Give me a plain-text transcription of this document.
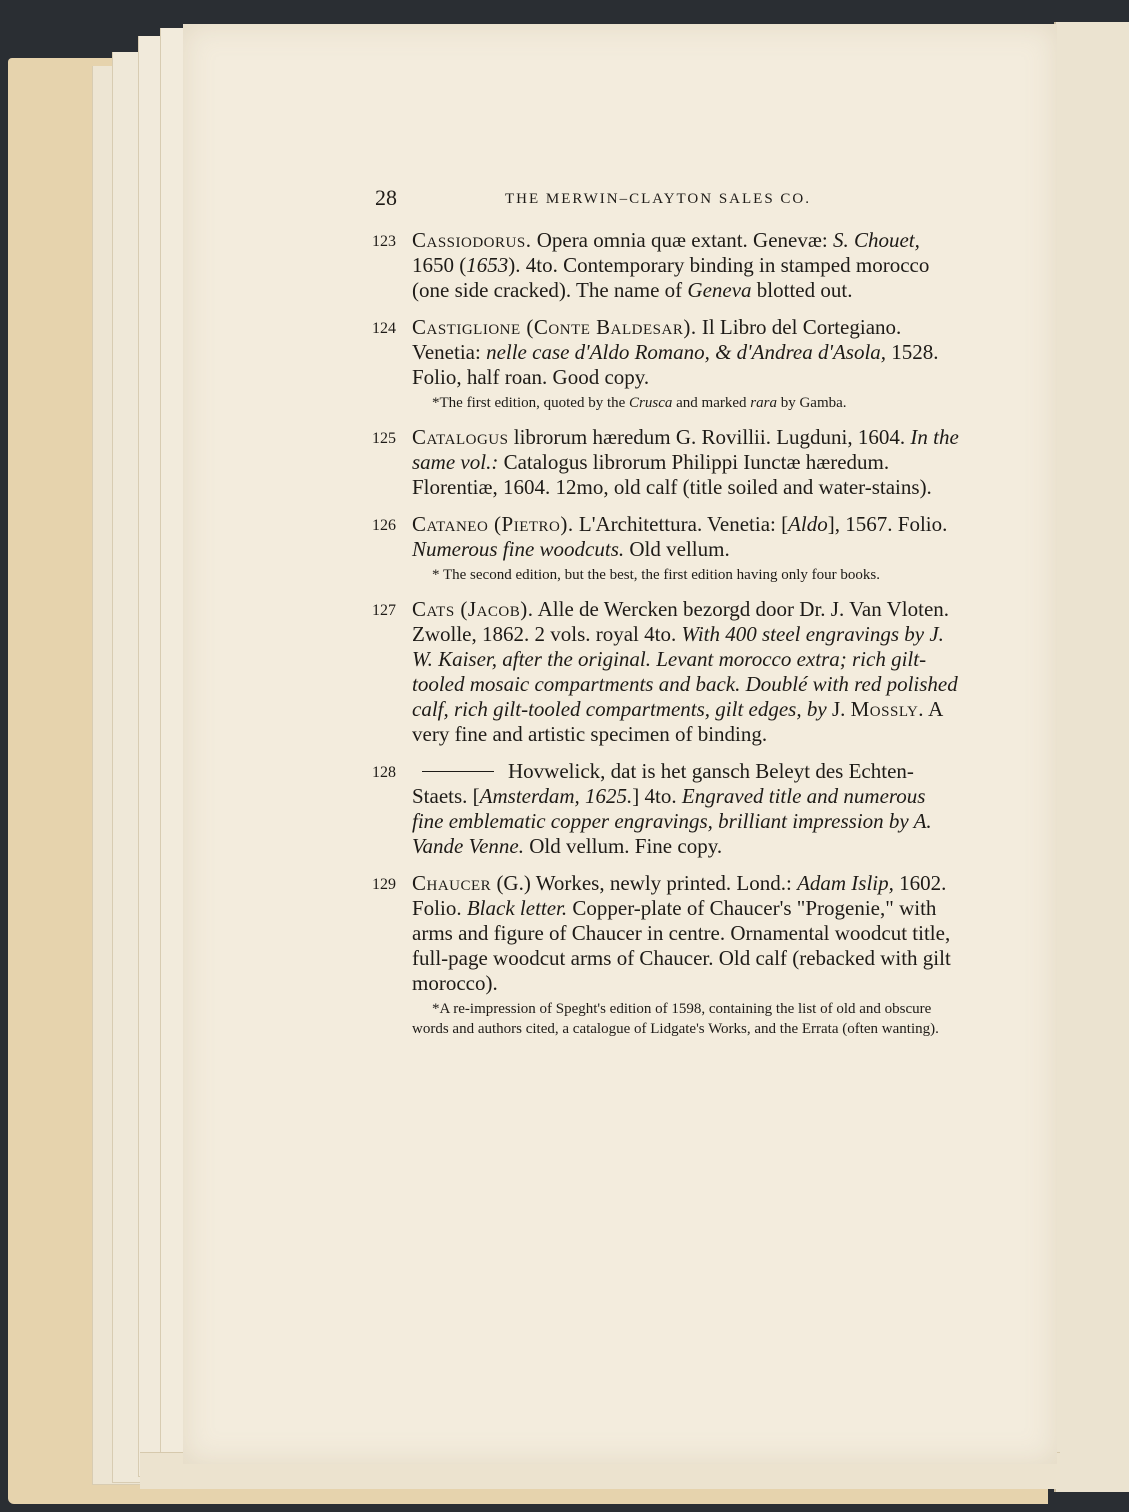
28	THE MERWIN–CLAYTON SALES CO.
123 Cassiodorus. Opera omnia quæ extant. Genevæ: S. Chouet, 1650 (1653). 4to. Contemporary binding in stamped morocco (one side cracked). The name of Geneva blotted out.
124 Castiglione (Conte Baldesar). Il Libro del Cortegiano. Venetia: nelle case d'Aldo Romano, & d'Andrea d'Asola, 1528. Folio, half roan. Good copy.
*The first edition, quoted by the Crusca and marked rara by Gamba.
125 Catalogus librorum hæredum G. Rovillii. Lugduni, 1604. In the same vol.: Catalogus librorum Philippi Iunctæ hæredum. Florentiæ, 1604. 12mo, old calf (title soiled and water-stains).
126 Cataneo (Pietro). L'Architettura. Venetia: [Aldo], 1567. Folio. Numerous fine woodcuts. Old vellum.
* The second edition, but the best, the first edition having only four books.
127 Cats (Jacob). Alle de Wercken bezorgd door Dr. J. Van Vloten. Zwolle, 1862. 2 vols. royal 4to. With 400 steel engravings by J. W. Kaiser, after the original. Levant morocco extra; rich gilt-tooled mosaic compartments and back. Doublé with red polished calf, rich gilt-tooled compartments, gilt edges, by J. Mossly. A very fine and artistic specimen of binding.
128	Hovwelick, dat is het gansch Beleyt des Echten-Staets. [Amsterdam, 1625.] 4to. Engraved title and numerous fine emblematic copper engravings, brilliant impression by A. Vande Venne. Old vellum. Fine copy.
129 Chaucer (G.) Workes, newly printed. Lond.: Adam Islip, 1602. Folio. Black letter. Copper-plate of Chaucer's "Progenie," with arms and figure of Chaucer in centre. Ornamental woodcut title, full-page woodcut arms of Chaucer. Old calf (rebacked with gilt morocco).
*A re-impression of Speght's edition of 1598, containing the list of old and obscure words and authors cited, a catalogue of Lidgate's Works, and the Errata (often wanting).
